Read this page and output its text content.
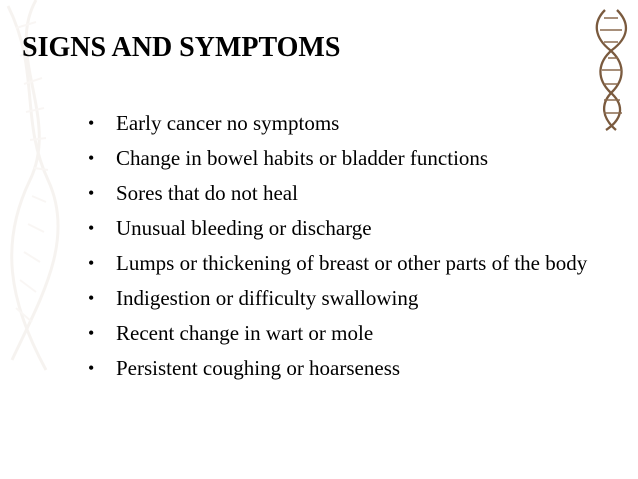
SIGNS AND SYMPTOMS
•	Early cancer no symptoms
•	Change in bowel habits or bladder functions
•	Sores that do not heal
•	Unusual bleeding or discharge
•	Lumps or thickening of breast or other parts of the body
•	Indigestion or difficulty swallowing
•	Recent change in wart or mole
•	Persistent coughing or hoarseness
